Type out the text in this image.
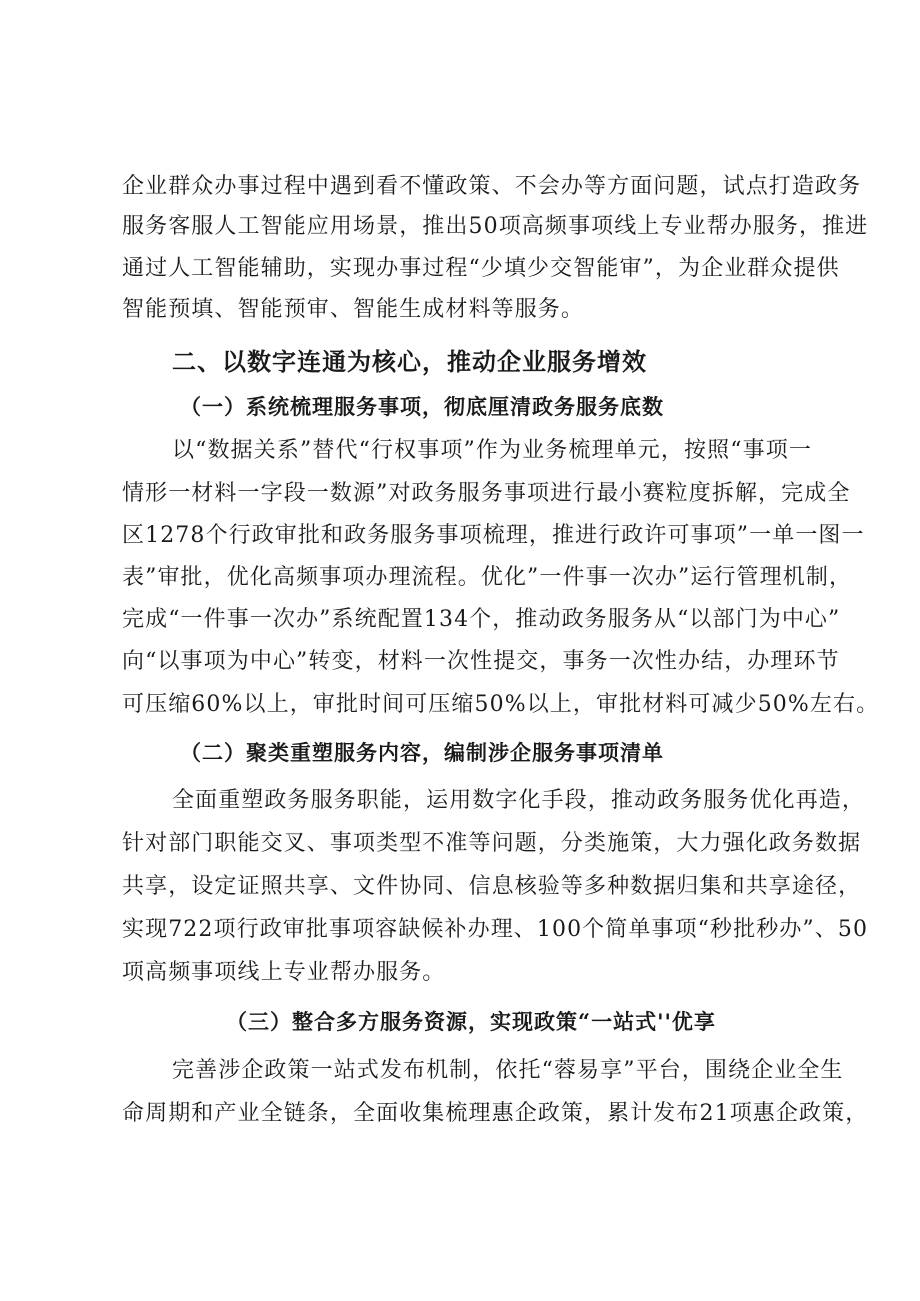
企业群众办事过程中遇到看不懂政策、不会办等方面问题，试点打造政务
服务客服人工智能应用场景，推出50项高频事项线上专业帮办服务，推进
通过人工智能辅助，实现办事过程“少填少交智能审”，为企业群众提供
智能预填、智能预审、智能生成材料等服务。
二、以数字连通为核心，推动企业服务增效
（一）系统梳理服务事项，彻底厘清政务服务底数
以“数据关系”替代“行权事项”作为业务梳理单元，按照“事项一
情形一材料一字段一数源”对政务服务事项进行最小赛粒度拆解，完成全
区1278个行政审批和政务服务事项梳理，推进行政许可事项”一单一图一
表”审批，优化高频事项办理流程。优化”一件事一次办”运行管理机制，
完成“一件事一次办”系统配置134个，推动政务服务从“以部门为中心”
向“以事项为中心”转变，材料一次性提交，事务一次性办结，办理环节
可压缩60%以上，审批时间可压缩50%以上，审批材料可减少50%左右。
（二）聚类重塑服务内容，编制涉企服务事项清单
全面重塑政务服务职能，运用数字化手段，推动政务服务优化再造，
针对部门职能交叉、事项类型不准等问题，分类施策，大力强化政务数据
共享，设定证照共享、文件协同、信息核验等多种数据归集和共享途径，
实现722项行政审批事项容缺候补办理、100个简单事项“秒批秒办”、50
项高频事项线上专业帮办服务。
（三）整合多方服务资源，实现政策“一站式''优享
完善涉企政策一站式发布机制，依托“蓉易享”平台，围绕企业全生
命周期和产业全链条，全面收集梳理惠企政策，累计发布21项惠企政策，
